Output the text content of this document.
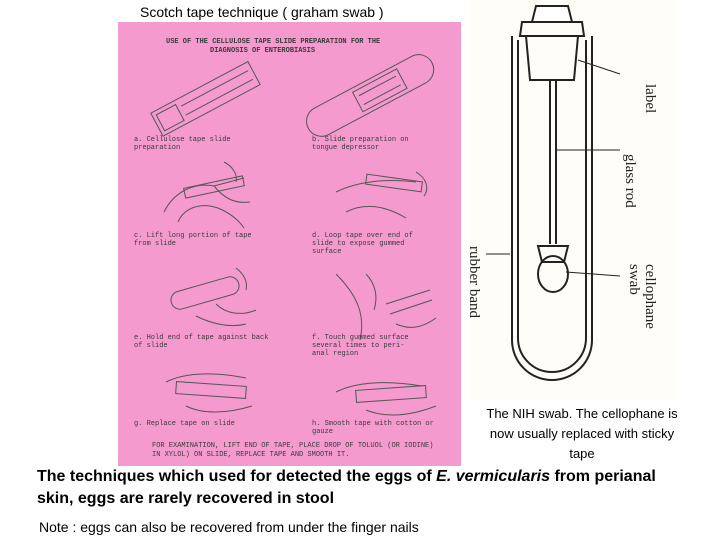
Scotch tape technique ( graham swab )
USE OF THE CELLULOSE TAPE SLIDE PREPARATION FOR THE
DIAGNOSIS OF ENTEROBIASIS
a. Cellulose tape slide
preparation
b. Slide preparation on
tongue depressor
c. Lift long portion of tape
from slide
d. Loop tape over end of
slide to expose gummed
surface
e. Hold end of tape against back
of slide
f. Touch gummed surface
several times to peri-
anal region
g. Replace tape on slide	h. Smooth tape with cotton or
gauze
FOR EXAMINATION, LIFT END OF TAPE, PLACE DROP OF TOLUOL (OR IODINE)
IN XYLOL) ON SLIDE, REPLACE TAPE AND SMOOTH IT.
label
glass rod
rubber band	cellophane swab
The NIH swab. The cellophane is now usually replaced with sticky tape
The techniques which used for detected the eggs of E. vermicularis from perianal skin, eggs are rarely recovered in stool
Note : eggs can also be recovered from under the finger nails
